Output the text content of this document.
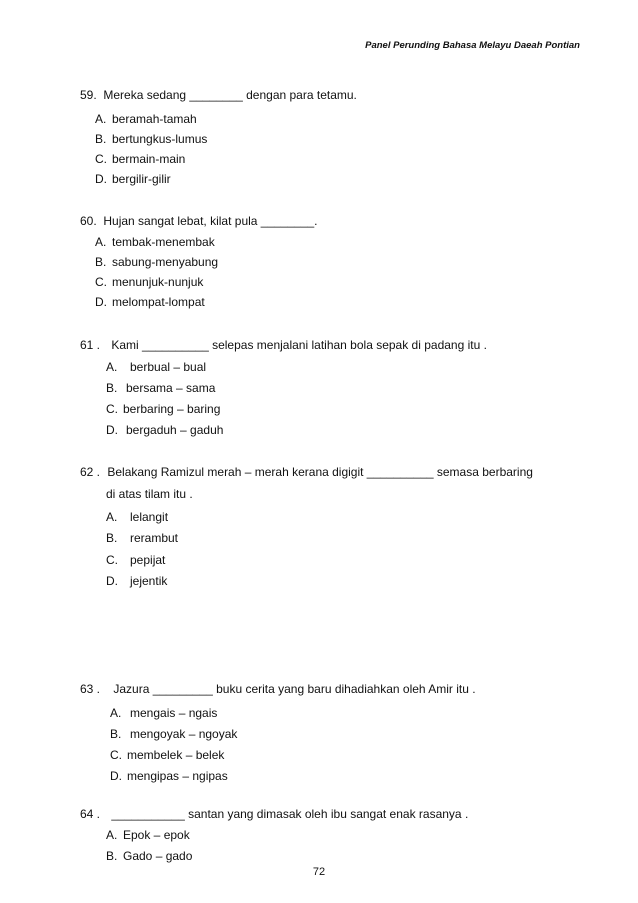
Panel Perunding Bahasa Melayu Daeah Pontian
59. Mereka sedang ________ dengan para tetamu.
A. beramah-tamah
B. bertungkus-lumus
C. bermain-main
D. bergilir-gilir
60. Hujan sangat lebat, kilat pula ________.
A. tembak-menembak
B. sabung-menyabung
C. menunjuk-nunjuk
D. melompat-lompat
61 . Kami __________ selepas menjalani latihan bola sepak di padang itu .
A. berbual – bual
B. bersama – sama
C. berbaring – baring
D. bergaduh – gaduh
62 . Belakang Ramizul merah – merah kerana digigit __________ semasa berbaring
di atas tilam itu .
A. lelangit
B. rerambut
C. pepijat
D. jejentik
63 . Jazura _________ buku cerita yang baru dihadiahkan oleh Amir itu .
A. mengais – ngais
B. mengoyak – ngoyak
C. membelek – belek
D. mengipas – ngipas
64 . ___________ santan yang dimasak oleh ibu sangat enak rasanya .
A. Epok – epok
B. Gado – gado
72
